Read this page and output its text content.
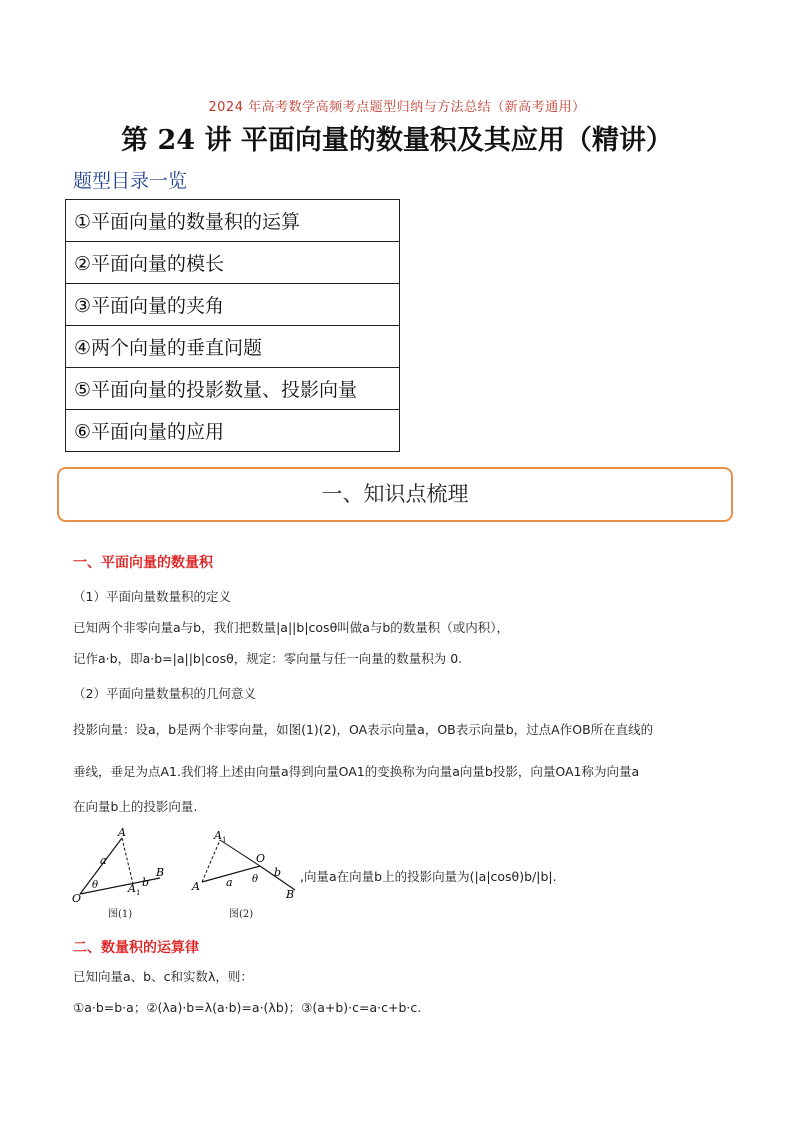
2024 年高考数学高频考点题型归纳与方法总结（新高考通用）
第 24 讲 平面向量的数量积及其应用（精讲）
题型目录一览
①平面向量的数量积的运算
②平面向量的模长
③平面向量的夹角
④两个向量的垂直问题
⑤平面向量的投影数量、投影向量
⑥平面向量的应用
一、知识点梳理
一、平面向量的数量积
（1）平面向量数量积的定义
已知两个非零向量a与b，我们把数量|a||b|cosθ叫做a与b的数量积（或内积），
记作a·b，即a·b=|a||b|cosθ，规定：零向量与任一向量的数量积为 0.
（2）平面向量数量积的几何意义
投影向量：设a，b是两个非零向量，如图(1)(2)，OA表示向量a，OB表示向量b，过点A作OB所在直线的
垂线，垂足为点A1.我们将上述由向量a得到向量OA1的变换称为向量a向量b投影，向量OA1称为向量a
在向量b上的投影向量.
A
O
B
a
b
θ	A 1
图(1)
A 1
O
A
B
a
b
θ
图(2)
,向量a在向量b上的投影向量为(|a|cosθ)b/|b|.
二、数量积的运算律
已知向量a、b、c和实数λ，则：
①a·b=b·a；②(λa)·b=λ(a·b)=a·(λb)；③(a+b)·c=a·c+b·c.
